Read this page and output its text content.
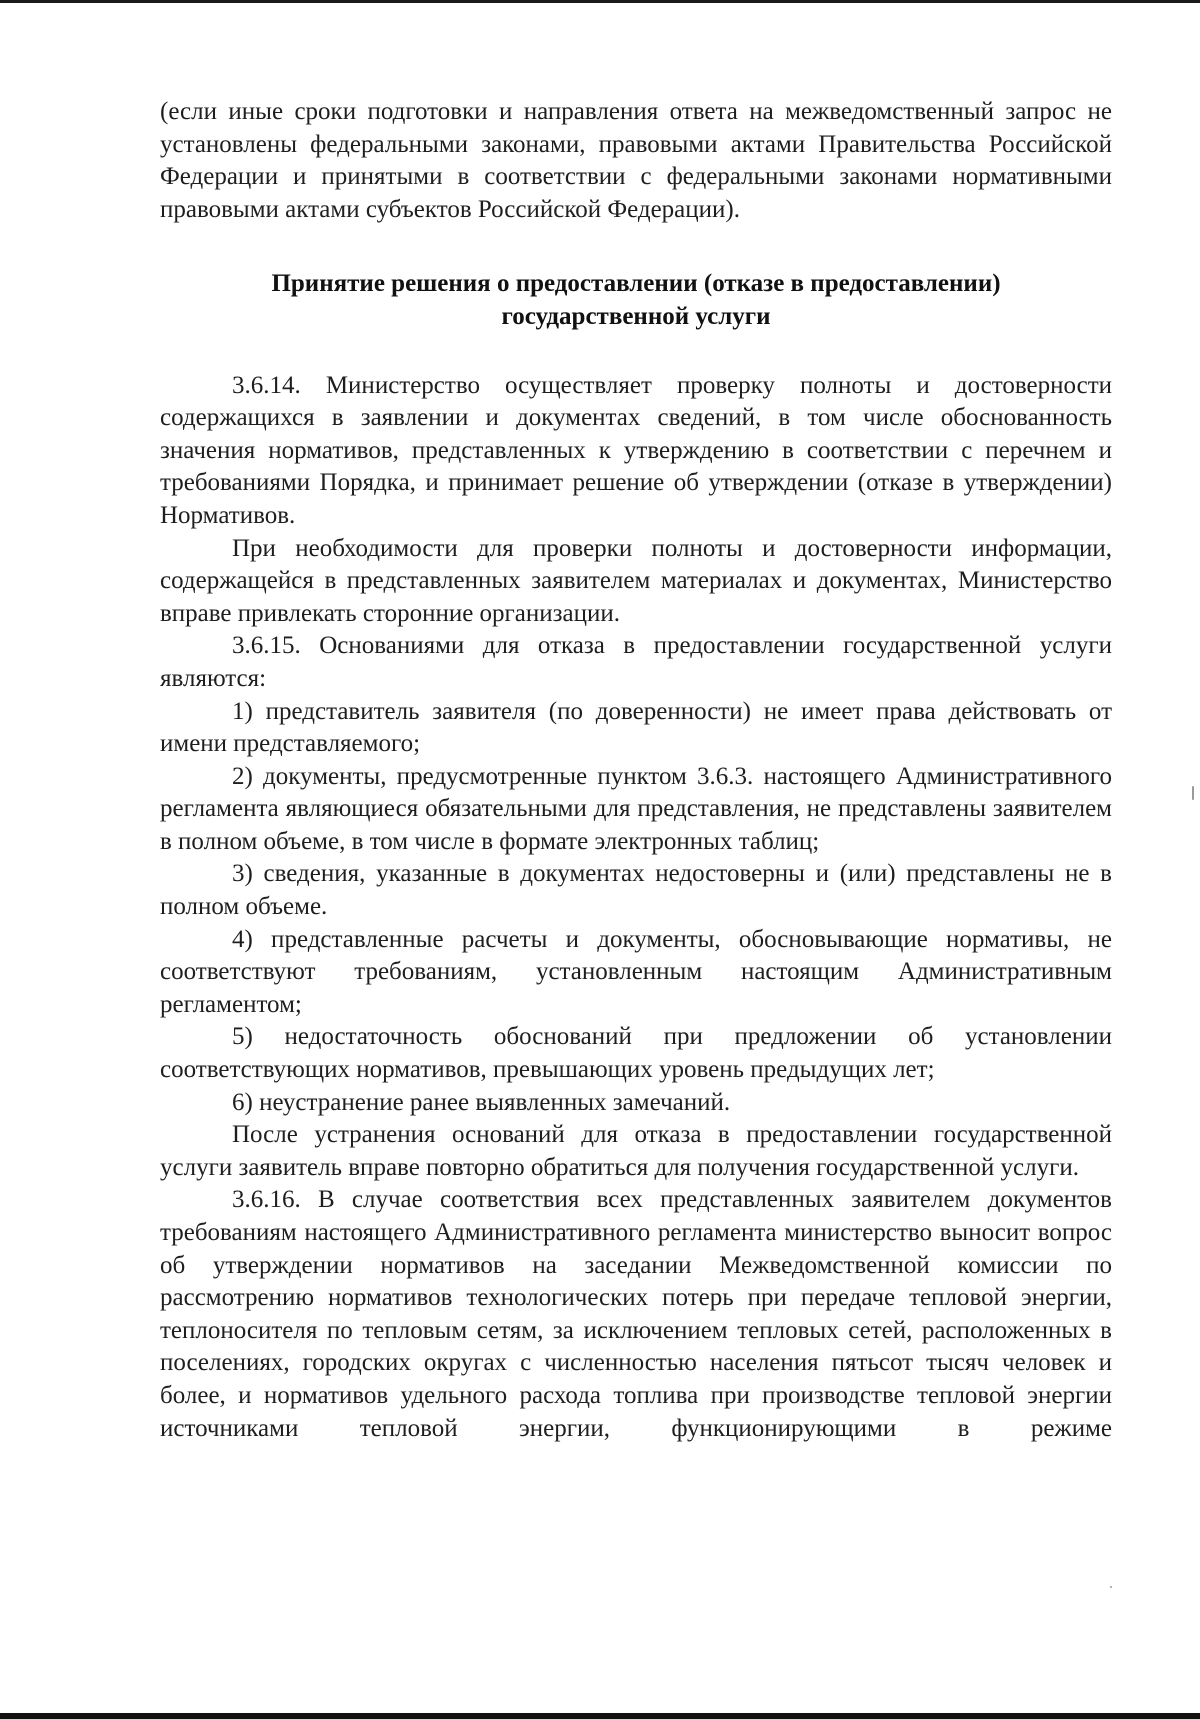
(если иные сроки подготовки и направления ответа на межведомственный запрос не установлены федеральными законами, правовыми актами Правительства Российской Федерации и принятыми в соответствии с федеральными законами нормативными правовыми актами субъектов Российской Федерации).

Принятие решения о предоставлении (отказе в предоставлении)
государственной услуги

3.6.14. Министерство осуществляет проверку полноты и достоверности содержащихся в заявлении и документах сведений, в том числе обоснованность значения нормативов, представленных к утверждению в соответствии с перечнем и требованиями Порядка, и принимает решение об утверждении (отказе в утверждении) Нормативов.

При необходимости для проверки полноты и достоверности информации, содержащейся в представленных заявителем материалах и документах, Министерство вправе привлекать сторонние организации.

3.6.15. Основаниями для отказа в предоставлении государственной услуги являются:

1) представитель заявителя (по доверенности) не имеет права действовать от имени представляемого;

2) документы, предусмотренные пунктом 3.6.3. настоящего Административного регламента являющиеся обязательными для представления, не представлены заявителем в полном объеме, в том числе в формате электронных таблиц;

3) сведения, указанные в документах недостоверны и (или) представлены не в полном объеме.

4) представленные расчеты и документы, обосновывающие нормативы, не соответствуют требованиям, установленным настоящим Административным регламентом;

5) недостаточность обоснований при предложении об установлении соответствующих нормативов, превышающих уровень предыдущих лет;

6) неустранение ранее выявленных замечаний.

После устранения оснований для отказа в предоставлении государственной услуги заявитель вправе повторно обратиться для получения государственной услуги.

3.6.16. В случае соответствия всех представленных заявителем документов требованиям настоящего Административного регламента министерство выносит вопрос об утверждении нормативов на заседании Межведомственной комиссии по рассмотрению нормативов технологических потерь при передаче тепловой энергии, теплоносителя по тепловым сетям, за исключением тепловых сетей, расположенных в поселениях, городских округах с численностью населения пятьсот тысяч человек и более, и нормативов удельного расхода топлива при производстве тепловой энергии источниками тепловой энергии, функционирующими в режиме
